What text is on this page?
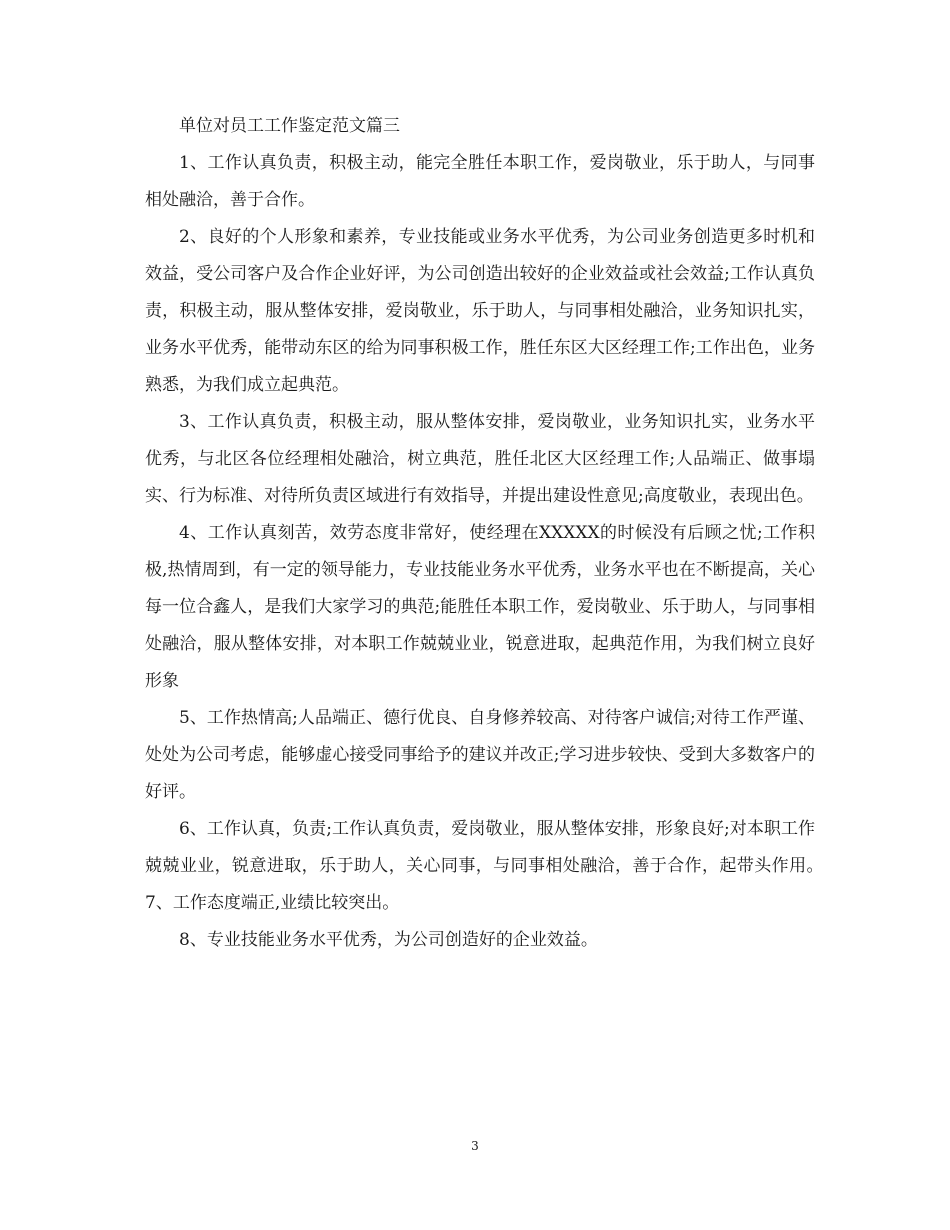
单位对员工工作鉴定范文篇三

1、工作认真负责，积极主动，能完全胜任本职工作，爱岗敬业，乐于助人，与同事相处融洽，善于合作。

2、良好的个人形象和素养，专业技能或业务水平优秀，为公司业务创造更多时机和效益，受公司客户及合作企业好评，为公司创造出较好的企业效益或社会效益;工作认真负责，积极主动，服从整体安排，爱岗敬业，乐于助人，与同事相处融洽，业务知识扎实，业务水平优秀，能带动东区的给为同事积极工作，胜任东区大区经理工作;工作出色，业务熟悉，为我们成立起典范。

3、工作认真负责，积极主动，服从整体安排，爱岗敬业，业务知识扎实，业务水平优秀，与北区各位经理相处融洽，树立典范，胜任北区大区经理工作;人品端正、做事塌实、行为标准、对待所负责区域进行有效指导，并提出建设性意见;高度敬业，表现出色。

4、工作认真刻苦，效劳态度非常好，使经理在XXXXX的时候没有后顾之忧;工作积极,热情周到，有一定的领导能力，专业技能业务水平优秀，业务水平也在不断提高，关心每一位合鑫人，是我们大家学习的典范;能胜任本职工作，爱岗敬业、乐于助人，与同事相处融洽，服从整体安排，对本职工作兢兢业业，锐意进取，起典范作用，为我们树立良好形象

5、工作热情高;人品端正、德行优良、自身修养较高、对待客户诚信;对待工作严谨、处处为公司考虑，能够虚心接受同事给予的建议并改正;学习进步较快、受到大多数客户的好评。

6、工作认真，负责;工作认真负责，爱岗敬业，服从整体安排，形象良好;对本职工作兢兢业业，锐意进取，乐于助人，关心同事，与同事相处融洽，善于合作，起带头作用。　　7、工作态度端正,业绩比较突出。

8、专业技能业务水平优秀，为公司创造好的企业效益。

3
